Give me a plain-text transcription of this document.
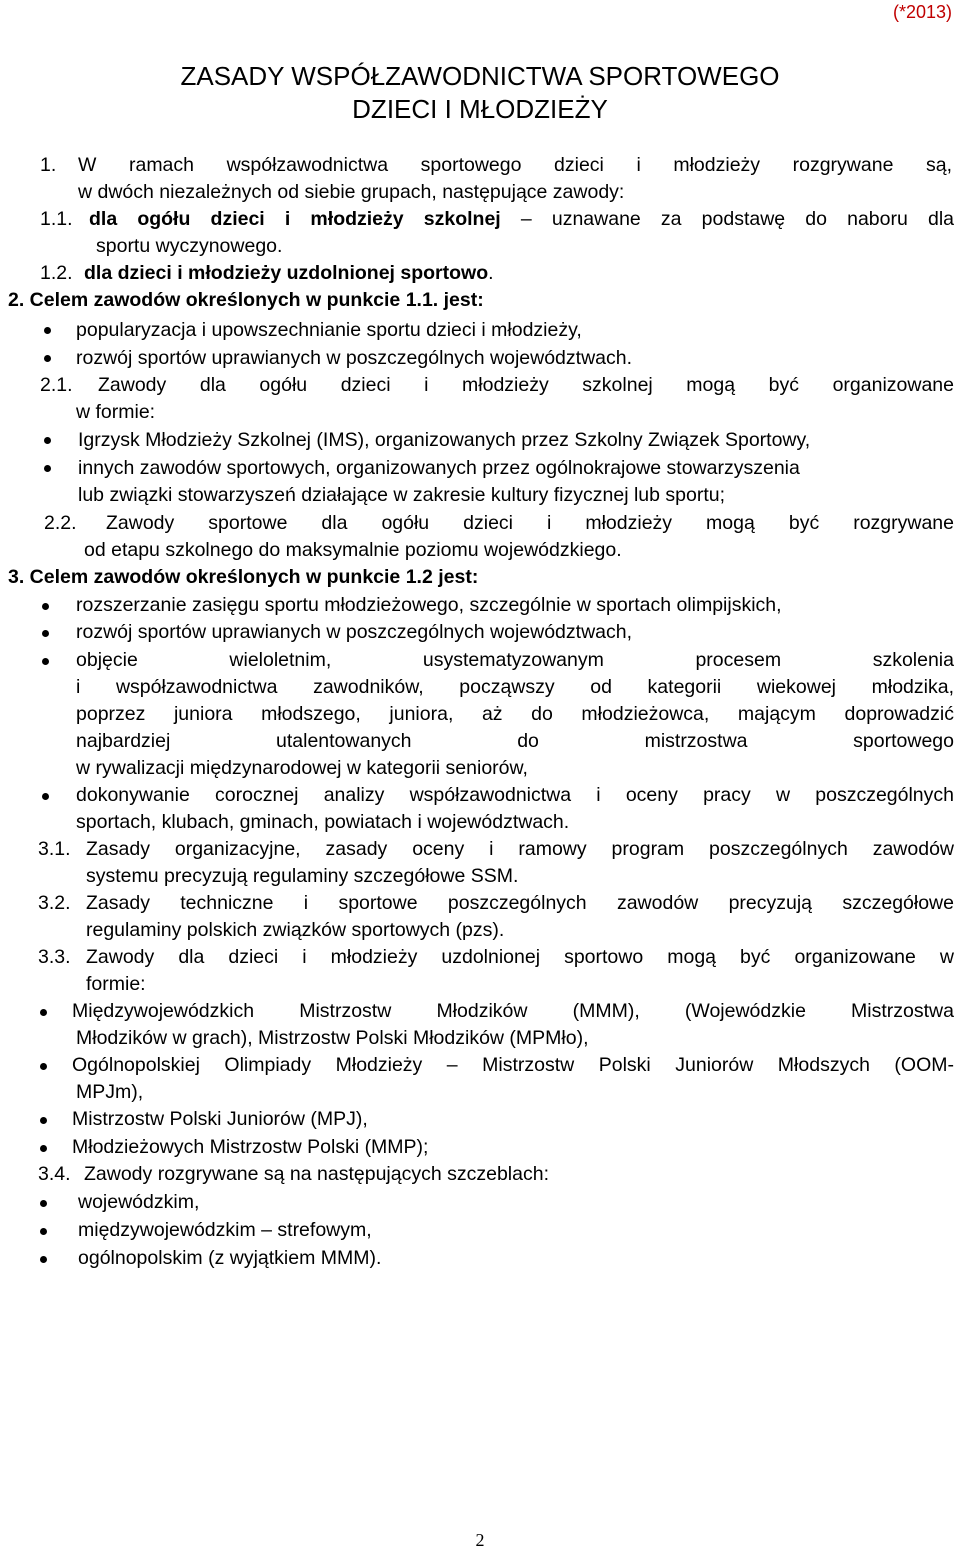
(*2013)
ZASADY WSPÓŁZAWODNICTWA SPORTOWEGO
DZIECI I MŁODZIEŻY
1. W ramach współzawodnictwa sportowego dzieci i młodzieży rozgrywane są,
w dwóch niezależnych od siebie grupach, następujące zawody:
1.1. dla ogółu dzieci i młodzieży szkolnej – uznawane za podstawę do naboru dla
sportu wyczynowego.
1.2. dla dzieci i młodzieży uzdolnionej sportowo.
2. Celem zawodów określonych w punkcie 1.1. jest:
popularyzacja i upowszechnianie sportu dzieci i młodzieży,
rozwój sportów uprawianych w poszczególnych województwach.
2.1. Zawody dla ogółu dzieci i młodzieży szkolnej mogą być organizowane
w formie:
Igrzysk Młodzieży Szkolnej (IMS), organizowanych przez Szkolny Związek Sportowy,
innych zawodów sportowych, organizowanych przez ogólnokrajowe stowarzyszenia
lub związki stowarzyszeń działające w zakresie kultury fizycznej lub sportu;
2.2. Zawody sportowe dla ogółu dzieci i młodzieży mogą być rozgrywane
od etapu szkolnego do maksymalnie poziomu wojewódzkiego.
3. Celem zawodów określonych w punkcie 1.2 jest:
rozszerzanie zasięgu sportu młodzieżowego, szczególnie w sportach olimpijskich,
rozwój sportów uprawianych w poszczególnych województwach,
objęcie wieloletnim, usystematyzowanym procesem szkolenia
i współzawodnictwa zawodników, począwszy od kategorii wiekowej młodzika,
poprzez juniora młodszego, juniora, aż do młodzieżowca, mającym doprowadzić
najbardziej utalentowanych do mistrzostwa sportowego
w rywalizacji międzynarodowej w kategorii seniorów,
dokonywanie corocznej analizy współzawodnictwa i oceny pracy w poszczególnych
sportach, klubach, gminach, powiatach i województwach.
3.1. Zasady organizacyjne, zasady oceny i ramowy program poszczególnych zawodów
systemu precyzują regulaminy szczegółowe SSM.
3.2. Zasady techniczne i sportowe poszczególnych zawodów precyzują szczegółowe
regulaminy polskich związków sportowych (pzs).
3.3. Zawody dla dzieci i młodzieży uzdolnionej sportowo mogą być organizowane w
formie:
Międzywojewódzkich Mistrzostw Młodzików (MMM), (Wojewódzkie Mistrzostwa
Młodzików w grach), Mistrzostw Polski Młodzików (MPMło),
Ogólnopolskiej Olimpiady Młodzieży – Mistrzostw Polski Juniorów Młodszych (OOM-
MPJm),
Mistrzostw Polski Juniorów (MPJ),
Młodzieżowych Mistrzostw Polski (MMP);
3.4. Zawody rozgrywane są na następujących szczeblach:
wojewódzkim,
międzywojewódzkim – strefowym,
ogólnopolskim (z wyjątkiem MMM).
2
